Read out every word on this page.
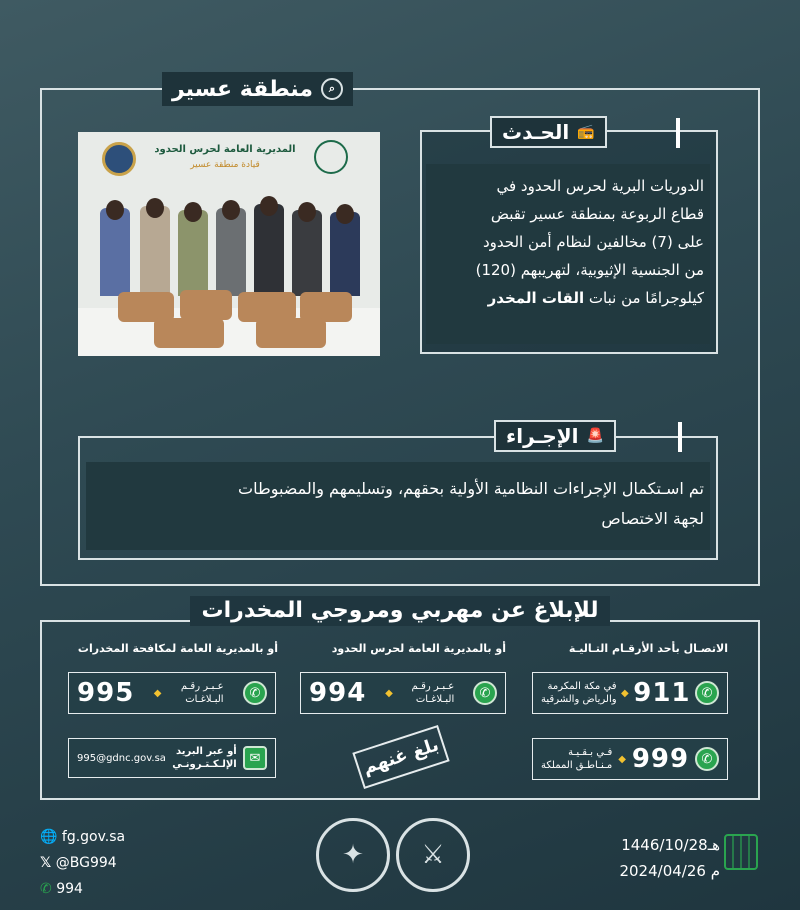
⌕
منطقة عسير
المديرية العامة لحرس الحدود
قيادة منطقة عسير
📻
الحـدث
الدوريات البرية لحرس الحدود في
قطاع الربوعة بمنطقة عسير تقبض
على (7) مخالفين لنظام أمن الحدود
من الجنسية الإثيوبية، لتهريبهم (120)
كيلوجرامًا من نبات القات المخدر
🚨
الإجـراء
تم اسـتكمال الإجراءات النظامية الأولية بحقهم، وتسليمهم والمضبوطات
لجهة الاختصاص
للإبلاغ عن مهربي ومروجي المخدرات
الاتصـال بأحد الأرقـام التـاليـة
أو بالمديرية العامة لحرس الحدود
أو بالمديرية العامة لمكافحة المخدرات
✆
911
◆
في مكة المكرمة
والرياض والشرقية
✆
999
◆
فـي بـقـيـة
مـنـاطـق المملكة
✆
عـبـر رقـم
البـلاغـات
◆
994
✆
عـبـر رقـم
البـلاغـات
◆
995
✉
أو عبر البريد
الإلـكـتـرونـي
995@gdnc.gov.sa	بلغ غنهم
🌐 fg.gov.sa
𝕏 @BG994
✆ 994
✦	⚔	1446/10/28هـ
2024/04/26 م
